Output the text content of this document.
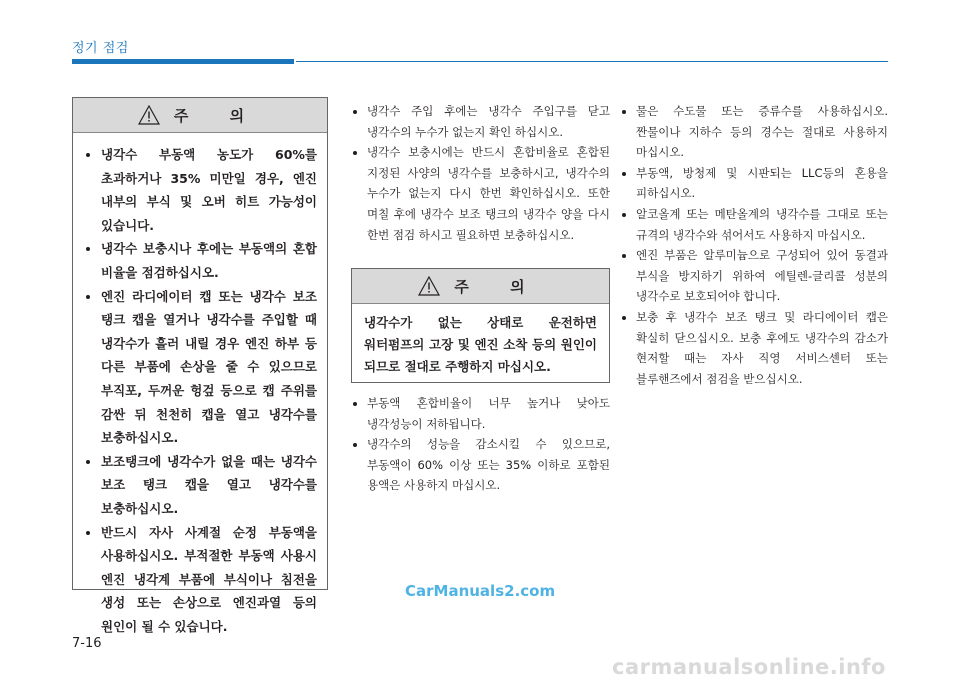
정기 점검
주 의
• 냉각수 부동액 농도가 60%를 초과하거나 35% 미만일 경우, 엔진 내부의 부식 및 오버 히트 가능성이 있습니다.
• 냉각수 보충시나 후에는 부동액의 혼합 비율을 점검하십시오.
• 엔진 라디에이터 캡 또는 냉각수 보조 탱크 캡을 열거나 냉각수를 주입할 때 냉각수가 흘러 내릴 경우 엔진 하부 등 다른 부품에 손상을 줄 수 있으므로 부직포, 두꺼운 헝겊 등으로 캡 주위를 감싼 뒤 천천히 캡을 열고 냉각수를 보충하십시오.
• 보조탱크에 냉각수가 없을 때는 냉각수 보조 탱크 캡을 열고 냉각수를 보충하십시오.
• 반드시 자사 사계절 순정 부동액을 사용하십시오. 부적절한 부동액 사용시 엔진 냉각계 부품에 부식이나 침전을 생성 또는 손상으로 엔진과열 등의 원인이 될 수 있습니다.
• 냉각수 주입 후에는 냉각수 주입구를 닫고 냉각수의 누수가 없는지 확인 하십시오.
• 냉각수 보충시에는 반드시 혼합비율로 혼합된 지정된 사양의 냉각수를 보충하시고, 냉각수의 누수가 없는지 다시 한번 확인하십시오. 또한 며칠 후에 냉각수 보조 탱크의 냉각수 양을 다시 한번 점검 하시고 필요하면 보충하십시오.
주 의
냉각수가 없는 상태로 운전하면 워터펌프의 고장 및 엔진 소착 등의 원인이 되므로 절대로 주행하지 마십시오.
• 부동액 혼합비율이 너무 높거나 낮아도 냉각성능이 저하됩니다.
• 냉각수의 성능을 감소시킬 수 있으므로, 부동액이 60% 이상 또는 35% 이하로 포함된 용액은 사용하지 마십시오.
• 물은 수도물 또는 증류수를 사용하십시오. 짠물이나 지하수 등의 경수는 절대로 사용하지 마십시오.
• 부동액, 방청제 및 시판되는 LLC등의 혼용을 피하십시오.
• 알코올계 또는 메탄올계의 냉각수를 그대로 또는 규격의 냉각수와 섞어서도 사용하지 마십시오.
• 엔진 부품은 알루미늄으로 구성되어 있어 동결과 부식을 방지하기 위하여 에틸렌-글리콜 성분의 냉각수로 보호되어야 합니다.
• 보충 후 냉각수 보조 탱크 및 라디에이터 캡은 확실히 닫으십시오. 보충 후에도 냉각수의 감소가 현저할 때는 자사 직영 서비스센터 또는 블루핸즈에서 점검을 받으십시오.
CarManuals2.com
7-16
carmanualsonline.info
